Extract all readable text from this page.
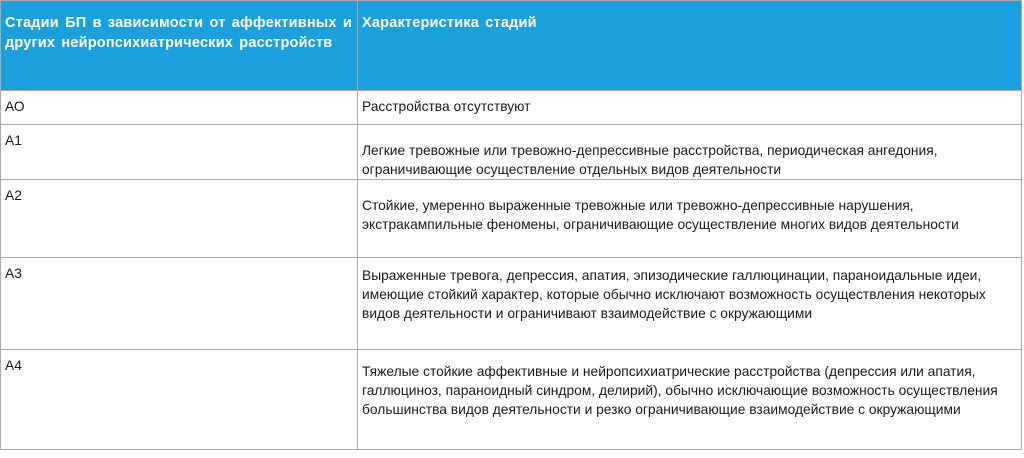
Стадии БП в зависимости от аффективных и других нейропсихиатрических расстройств	Характеристика стадий
АО	Расстройства отсутствуют
А1	Легкие тревожные или тревожно-депрессивные расстройства, периодическая ангедония, ограничивающие осуществление отдельных видов деятельности
А2	Стойкие, умеренно выраженные тревожные или тревожно-депрессивные нарушения, экстракампильные феномены, ограничивающие осуществление многих видов деятельности
А3	Выраженные тревога, депрессия, апатия, эпизодические галлюцинации, параноидальные идеи, имеющие стойкий характер, которые обычно исключают возможность осуществления некоторых видов деятельности и ограничивают взаимодействие с окружающими
А4	Тяжелые стойкие аффективные и нейропсихиатрические расстройства (депрессия или апатия, галлюциноз, параноидный синдром, делирий), обычно исключающие возможность осуществления большинства видов деятельности и резко ограничивающие взаимодействие с окружающими
